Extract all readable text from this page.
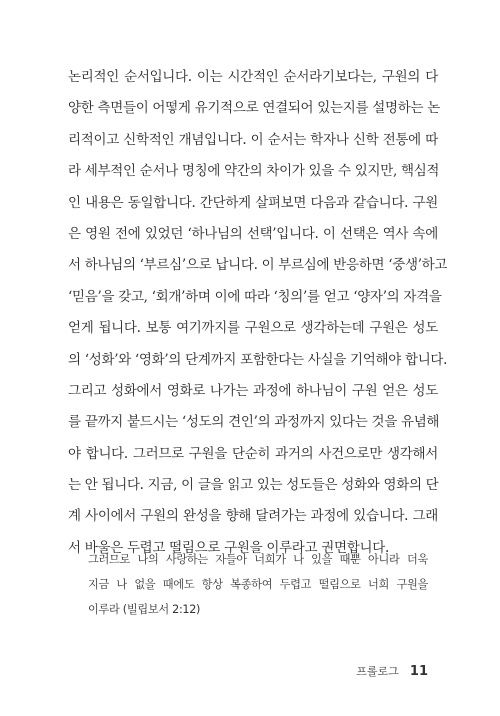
논리적인 순서입니다. 이는 시간적인 순서라기보다는, 구원의 다
양한 측면들이 어떻게 유기적으로 연결되어 있는지를 설명하는 논
리적이고 신학적인 개념입니다. 이 순서는 학자나 신학 전통에 따
라 세부적인 순서나 명칭에 약간의 차이가 있을 수 있지만, 핵심적
인 내용은 동일합니다. 간단하게 살펴보면 다음과 같습니다. 구원
은 영원 전에 있었던 ‘하나님의 선택’입니다. 이 선택은 역사 속에
서 하나님의 ‘부르심’으로 납니다. 이 부르심에 반응하면 ‘중생’하고
‘믿음’을 갖고, ‘회개’하며 이에 따라 ‘칭의’를 얻고 ‘양자’의 자격을
얻게 됩니다. 보통 여기까지를 구원으로 생각하는데 구원은 성도
의 ‘성화’와 ‘영화’의 단계까지 포함한다는 사실을 기억해야 합니다.
그리고 성화에서 영화로 나가는 과정에 하나님이 구원 얻은 성도
를 끝까지 붙드시는 ‘성도의 견인’의 과정까지 있다는 것을 유념해
야 합니다. 그러므로 구원을 단순히 과거의 사건으로만 생각해서
는 안 됩니다. 지금, 이 글을 읽고 있는 성도들은 성화와 영화의 단
계 사이에서 구원의 완성을 향해 달려가는 과정에 있습니다. 그래
서 바울은 두렵고 떨림으로 구원을 이루라고 권면합니다.
그러므로 나의 사랑하는 자들아 너희가 나 있을 때뿐 아니라 더욱
지금 나 없을 때에도 항상 복종하여 두렵고 떨림으로 너희 구원을
이루라 (빌립보서 2:12)
프롤로그 11
